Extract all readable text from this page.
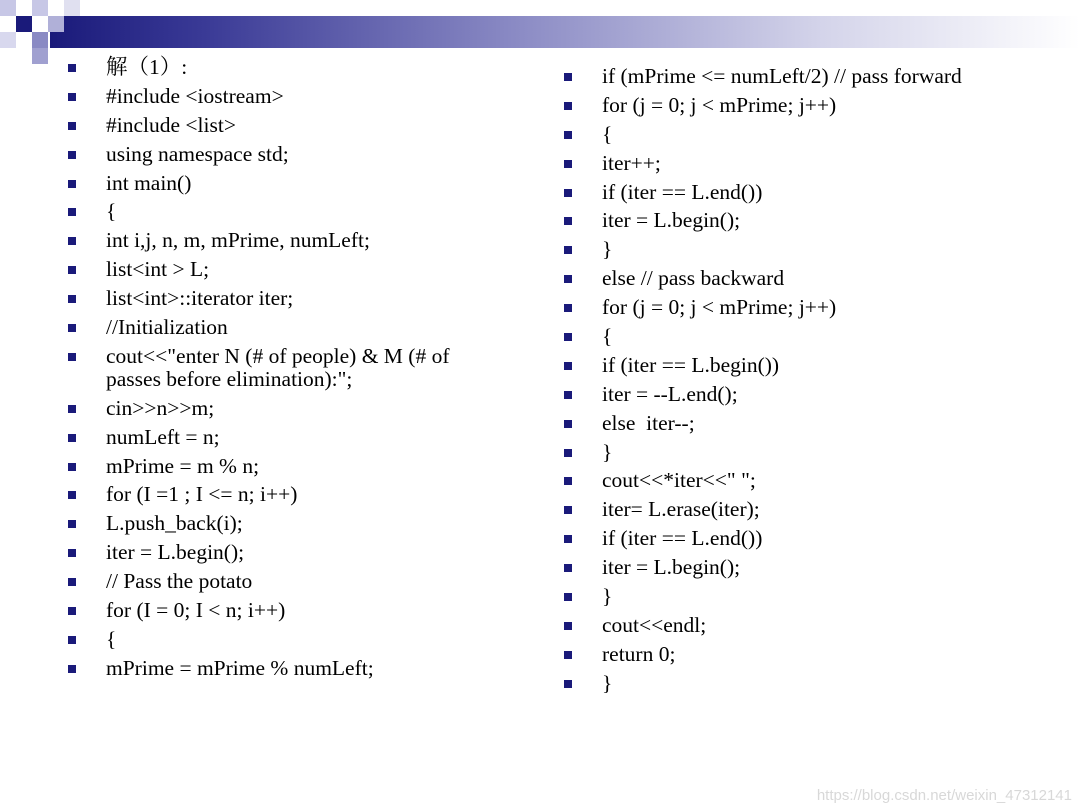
解（1）:
#include <iostream>
#include <list>
using namespace std;
int main()
{
int i,j, n, m, mPrime, numLeft;
list<int > L;
list<int>::iterator iter;
//Initialization
cout<<"enter N (# of people) & M (# of passes before elimination):";
cin>>n>>m;
numLeft = n;
mPrime = m % n;
for (I =1 ; I <= n; i++)
L.push_back(i);
iter = L.begin();
// Pass the potato
for (I = 0; I < n; i++)
{
mPrime = mPrime % numLeft;
if (mPrime <= numLeft/2) // pass forward
for (j = 0; j < mPrime; j++)
{
iter++;
if (iter == L.end())
iter = L.begin();
}
else // pass backward
for (j = 0; j < mPrime; j++)
{
if (iter == L.begin())
iter = --L.end();
else  iter--;
}
cout<<*iter<<" ";
iter= L.erase(iter);
if (iter == L.end())
iter = L.begin();
}
cout<<endl;
return 0;
}
https://blog.csdn.net/weixin_47312141
